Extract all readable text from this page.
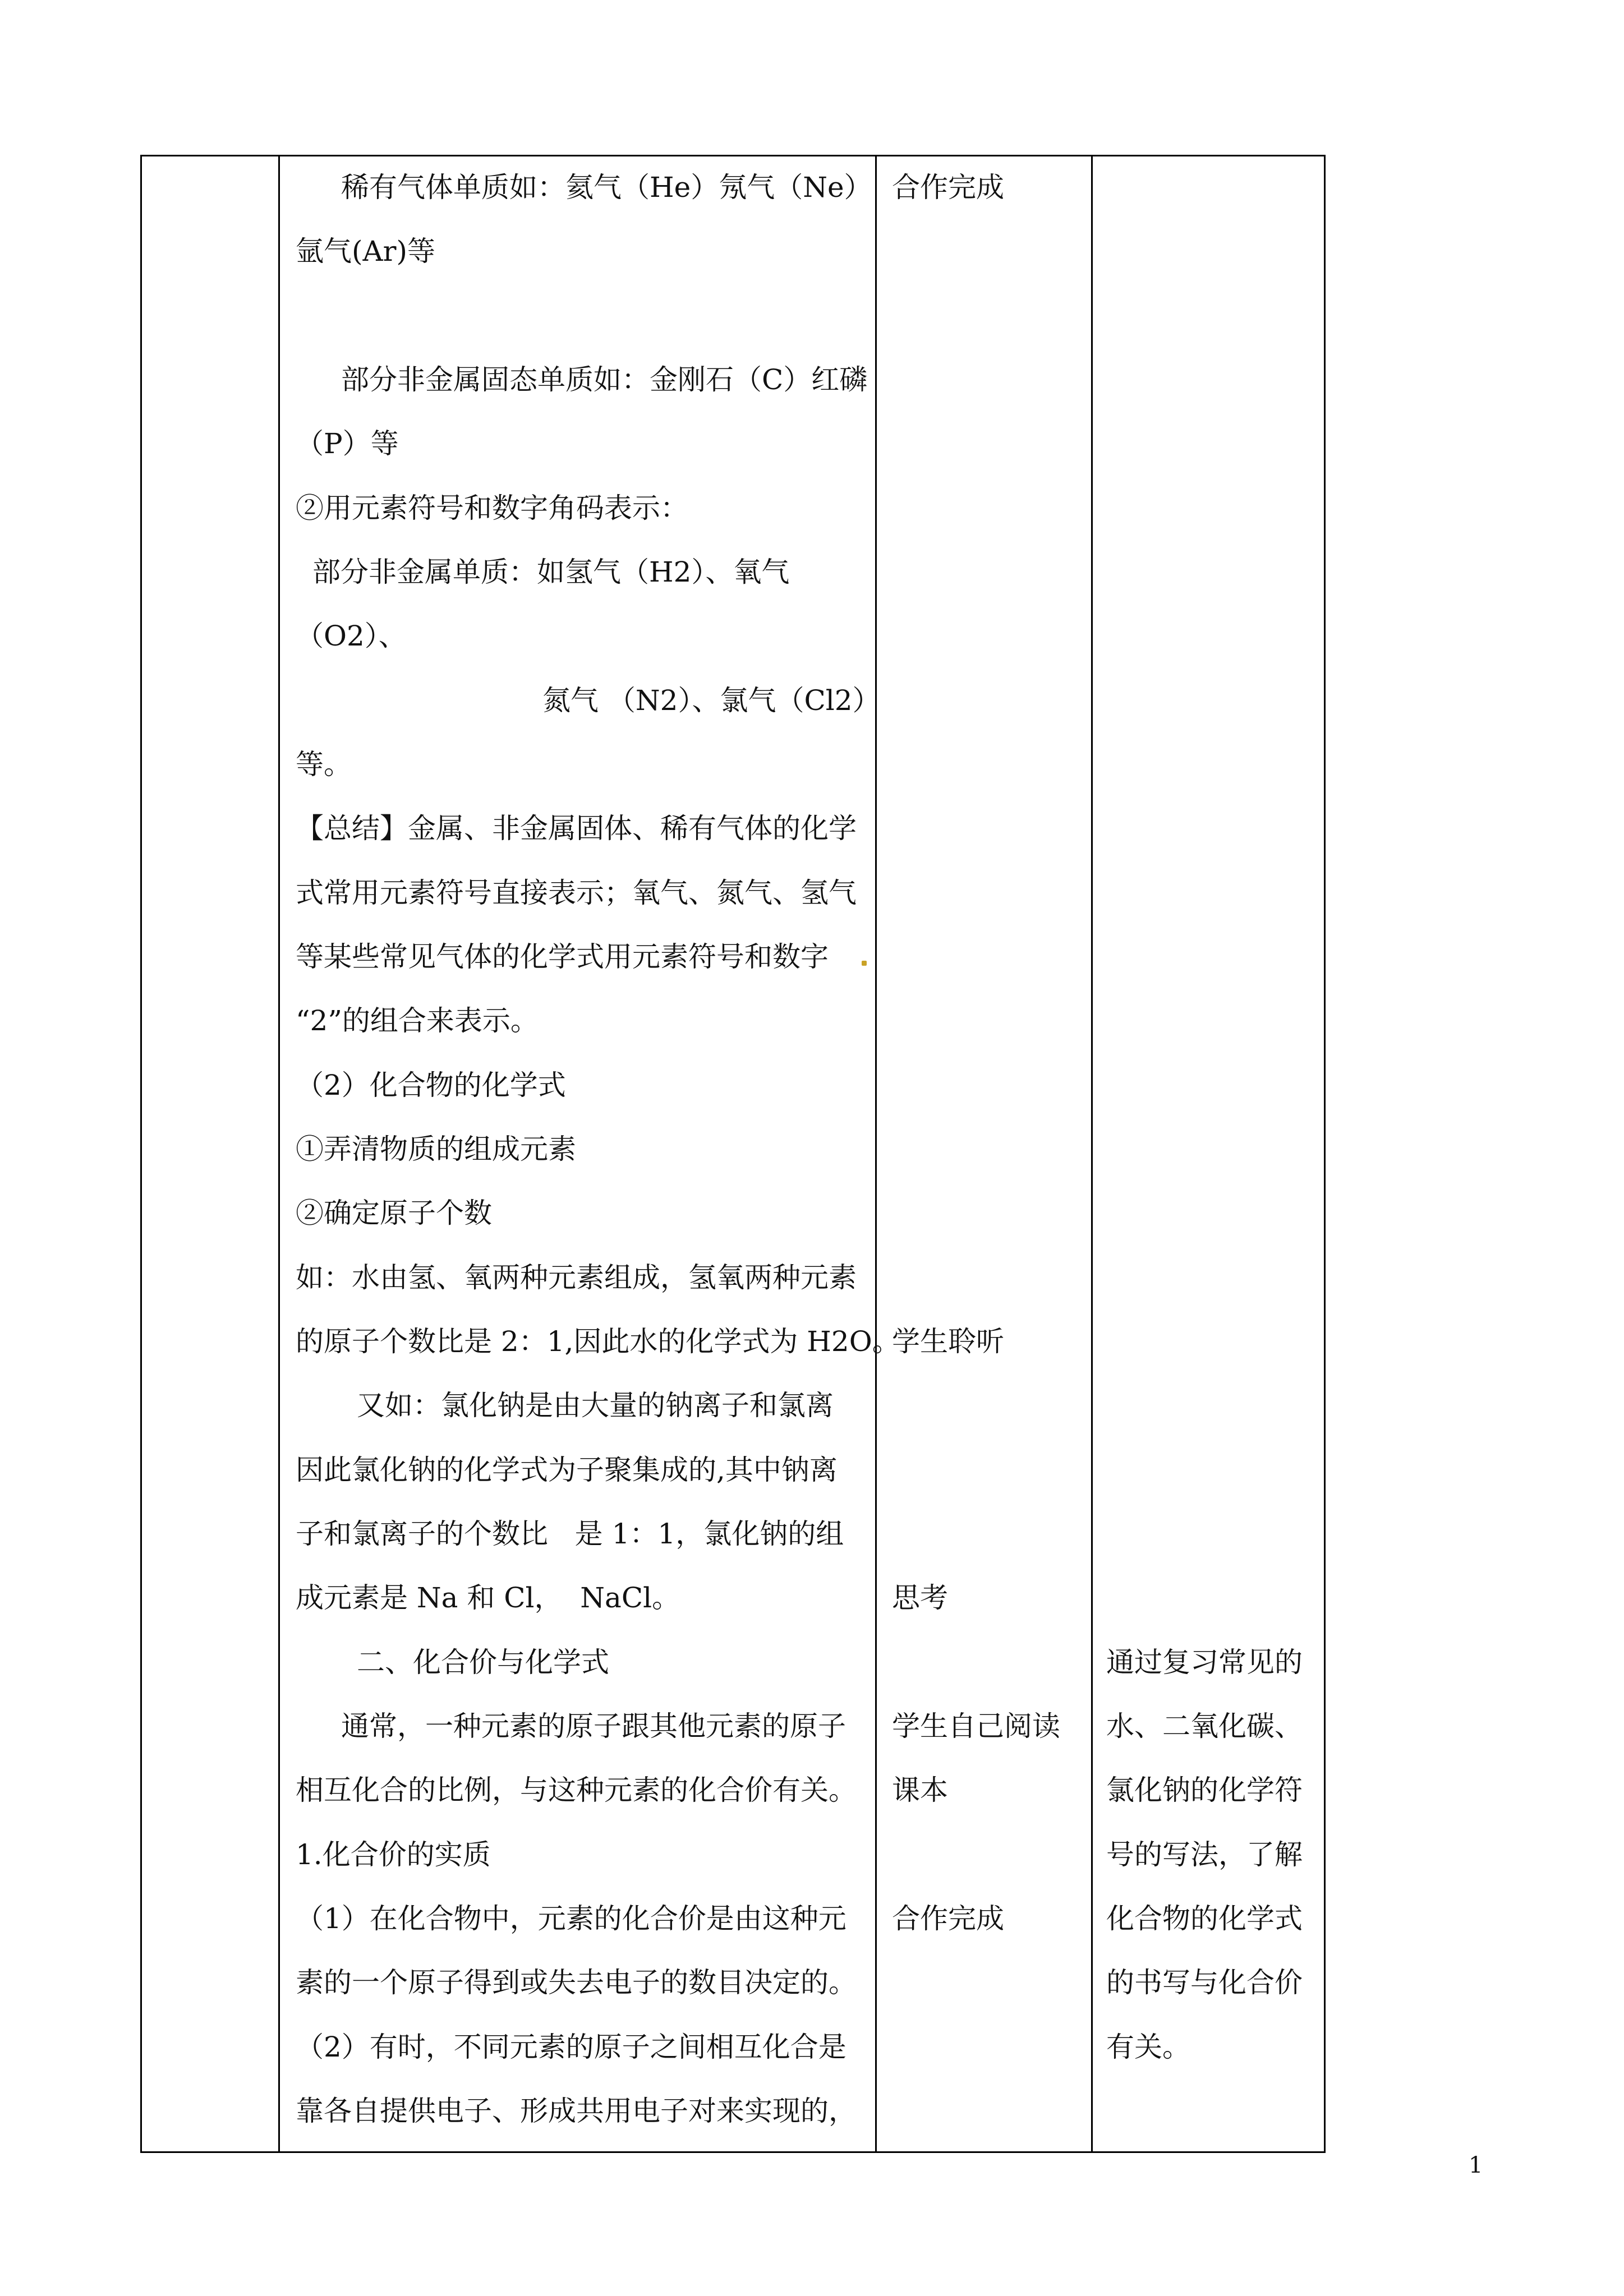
稀有气体单质如：氦气（He）氖气（Ne）
氩气(Ar)等
部分非金属固态单质如：金刚石（C）红磷
（P）等
②用元素符号和数字角码表示：
部分非金属单质：如氢气（H2）、氧气
（O2）、
氮气 （N2）、氯气（Cl2）
等。
【总结】金属、非金属固体、稀有气体的化学
式常用元素符号直接表示；氧气、氮气、氢气
等某些常见气体的化学式用元素符号和数字
“2”的组合来表示。
（2）化合物的化学式
①弄清物质的组成元素
②确定原子个数
如：水由氢、氧两种元素组成，氢氧两种元素
的原子个数比是 2：1,因此水的化学式为 H2O。
又如：氯化钠是由大量的钠离子和氯离
因此氯化钠的化学式为子聚集成的,其中钠离
子和氯离子的个数比   是 1：1，氯化钠的组
成元素是 Na 和 Cl，  NaCl。
二、化合价与化学式
通常，一种元素的原子跟其他元素的原子
相互化合的比例，与这种元素的化合价有关。
1.化合价的实质
（1）在化合物中，元素的化合价是由这种元
素的一个原子得到或失去电子的数目决定的。
（2）有时，不同元素的原子之间相互化合是
靠各自提供电子、形成共用电子对来实现的，
合作完成
学生聆听
思考
学生自己阅读
课本
合作完成
通过复习常见的
水、二氧化碳、
氯化钠的化学符
号的写法，了解
化合物的化学式
的书写与化合价
有关。
1
